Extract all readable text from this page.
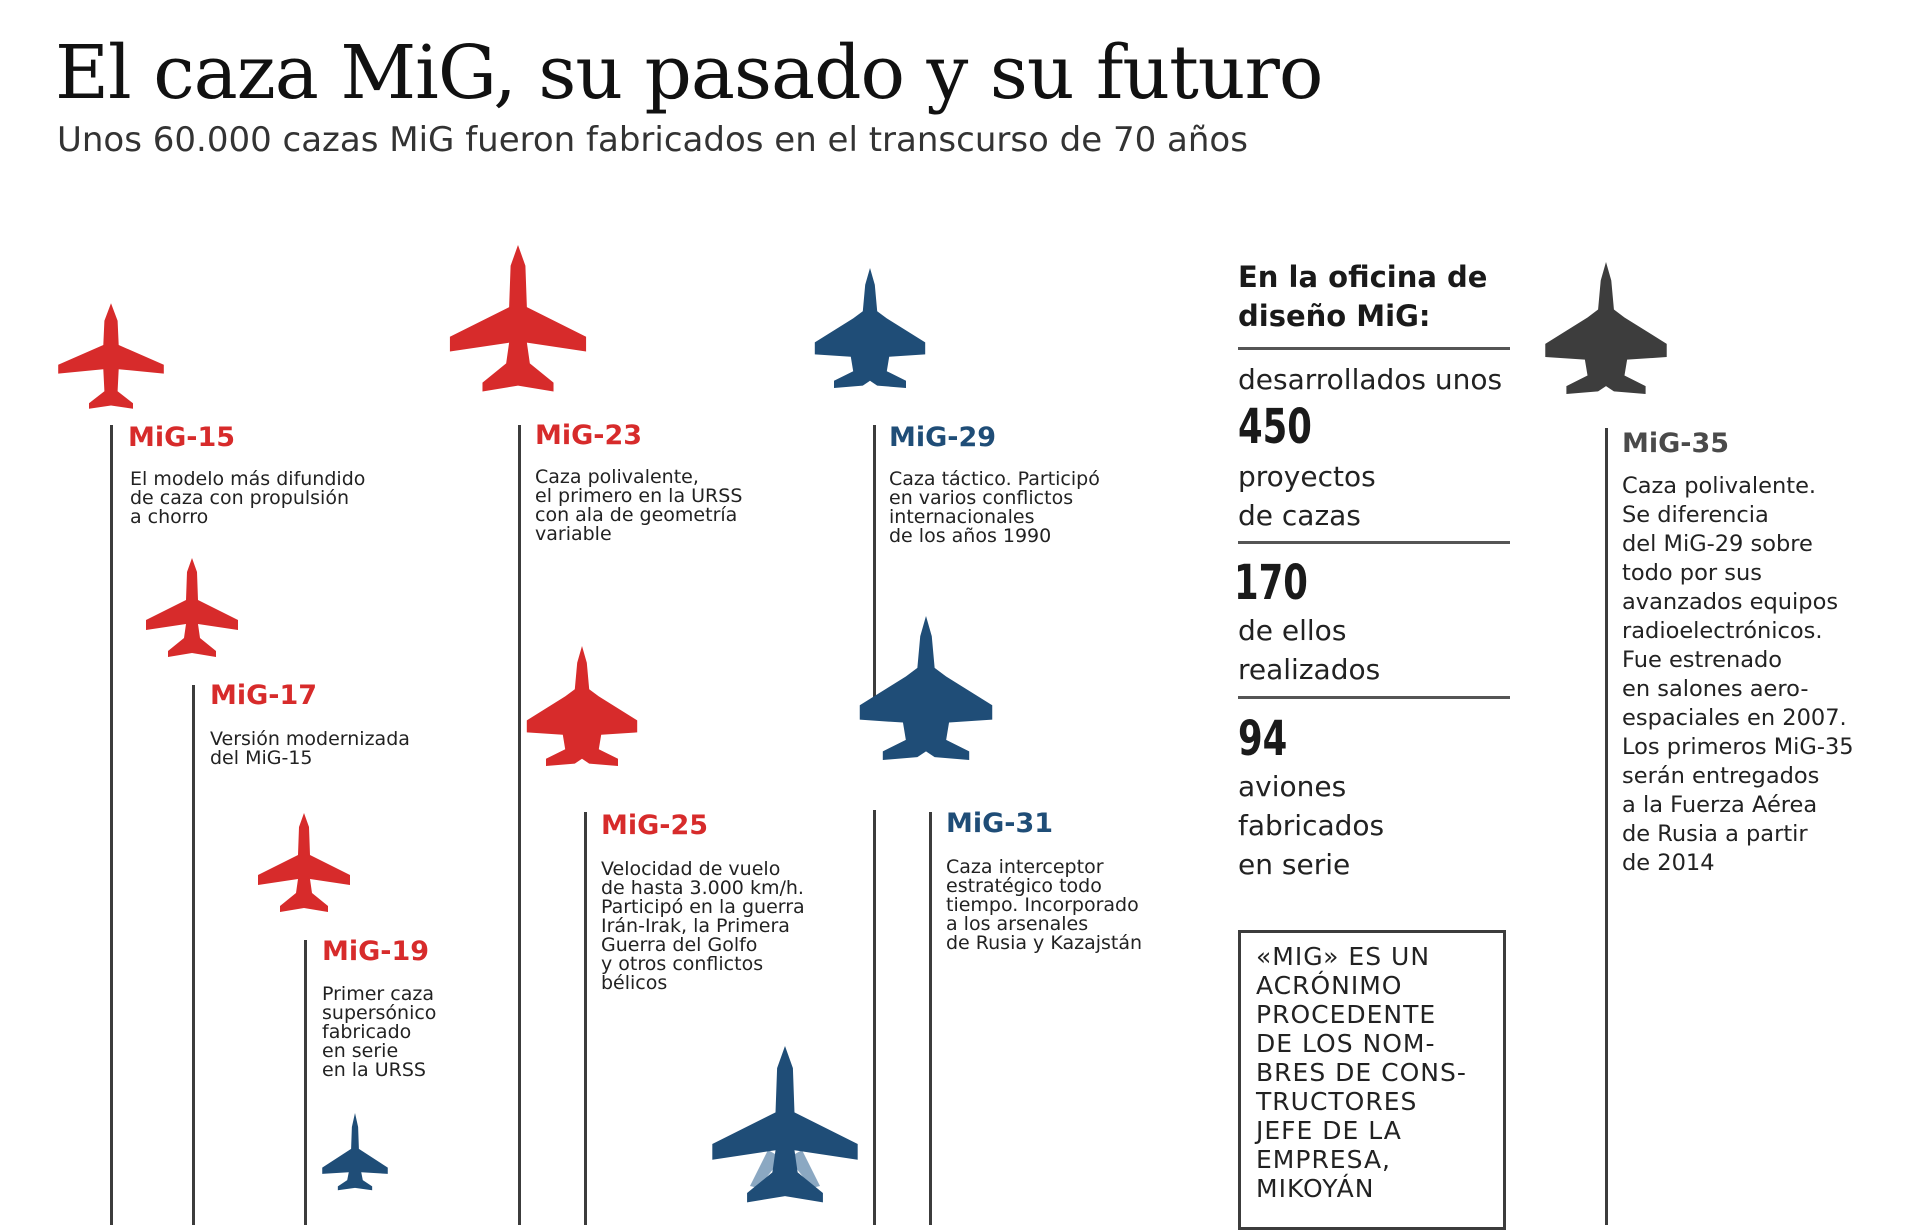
El caza MiG, su pasado y su futuro
Unos 60.000 cazas MiG fueron fabricados en el transcurso de 70 años
MiG-15
MiG-17
MiG-19
MiG-23
MiG-25
MiG-29
MiG-31
MiG-35
El modelo más difundido
de caza con propulsión
a chorro
Versión modernizada
del MiG-15
Primer caza
supersónico
fabricado
en serie
en la URSS
Caza polivalente,
el primero en la URSS
con ala de geometría
variable
Velocidad de vuelo
de hasta 3.000 km/h.
Participó en la guerra
Irán-Irak, la Primera
Guerra del Golfo
y otros conflictos
bélicos
Caza táctico. Participó
en varios conflictos
internacionales
de los años 1990
Caza interceptor
estratégico todo
tiempo. Incorporado
a los arsenales
de Rusia y Kazajstán
Caza polivalente.
Se diferencia
del MiG-29 sobre
todo por sus
avanzados equipos
radioelectrónicos.
Fue estrenado
en salones aero-
espaciales en 2007.
Los primeros MiG-35
serán entregados
a la Fuerza Aérea
de Rusia a partir
de 2014
En la oficina de
diseño MiG:
desarrollados unos
450
proyectos
de cazas
170
de ellos
realizados
94
aviones
fabricados
en serie
«MIG» ES UN
ACRÓNIMO
PROCEDENTE
DE LOS NOM-
BRES DE CONS-
TRUCTORES
JEFE DE LA
EMPRESA,
MIKOYÁN
